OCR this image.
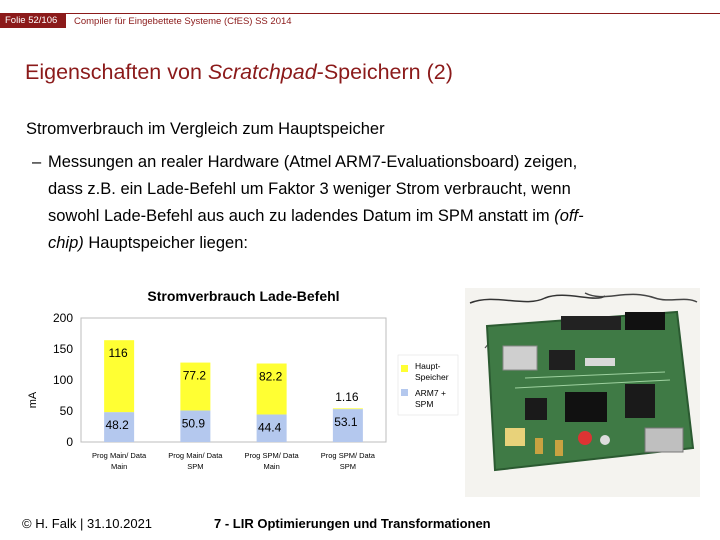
Folie 52/106	Compiler für Eingebettete Systeme (CfES) SS 2014
Eigenschaften von Scratchpad-Speichern (2)
Stromverbrauch im Vergleich zum Hauptspeicher
– Messungen an realer Hardware (Atmel ARM7-Evaluationsboard) zeigen,
dass z.B. ein Lade-Befehl um Faktor 3 weniger Strom verbraucht, wenn
sowohl Lade-Befehl aus auch zu ladendes Datum im SPM anstatt im (off-
chip) Hauptspeicher liegen:
Stromverbrauch Lade-Befehl
mA
0
50
100
150
200
48.2
116
Prog Main/ Data
Main
50.9
77.2
Prog Main/ Data
SPM
44.4
82.2
Prog SPM/ Data
Main
53.1
1.16
Prog SPM/ Data
SPM
Haupt-
Speicher
ARM7 +
SPM
© H. Falk | 31.10.2021	7 - LIR Optimierungen und Transformationen
